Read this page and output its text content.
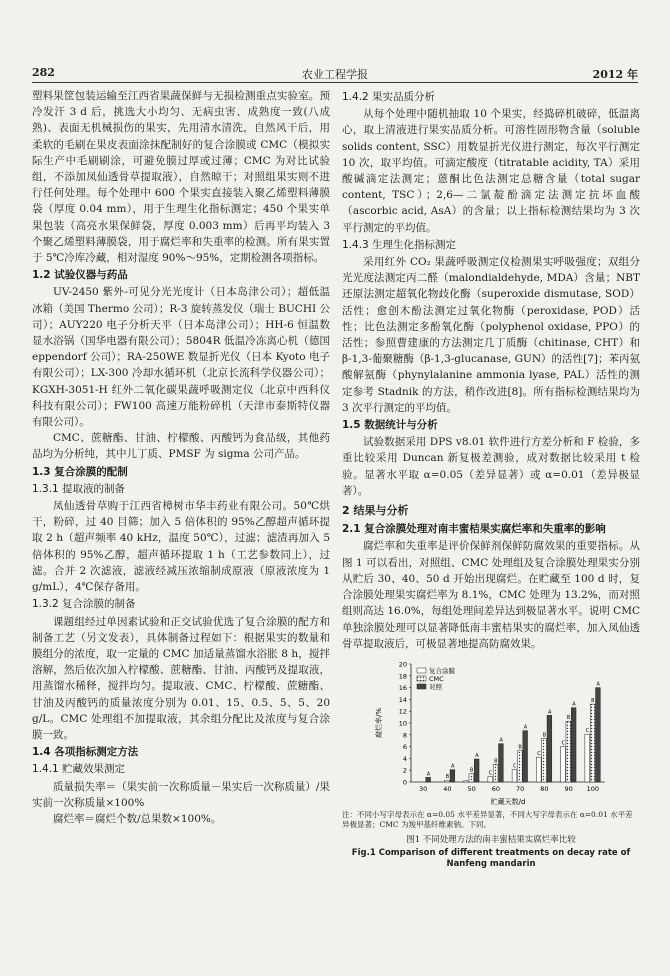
282	农业工程学报	2012 年

塑料果筐包装运输至江西省果蔬保鲜与无损检测重点实验室。预冷发汗 3 d 后，挑选大小均匀、无病虫害、成熟度一致(八成熟)、表面无机械损伤的果实，先用清水清洗，自然风干后，用柔软的毛刷在果皮表面涂抹配制好的复合涂膜或 CMC（模拟实际生产中毛刷刷涂，可避免膜过厚或过薄；CMC 为对比试验组，不添加凤仙透骨草提取液），自然晾干；对照组果实则不进行任何处理。每个处理中 600 个果实直接装入聚乙烯塑料薄膜袋（厚度 0.04 mm），用于生理生化指标测定；450 个果实单果包装（高亮水果保鲜袋，厚度 0.003 mm）后再平均装入 3 个聚乙烯塑料薄膜袋，用于腐烂率和失重率的检测。所有果实置于 5℃冷库冷藏，相对湿度 90%～95%，定期检测各项指标。

1.2 试验仪器与药品

UV-2450 紫外-可见分光光度计（日本岛津公司）；超低温冰箱（美国 Thermo 公司）；R-3 旋转蒸发仪（瑞士 BUCHI 公司）；AUY220 电子分析天平（日本岛津公司）；HH-6 恒温数显水浴锅（国华电器有限公司）；5804R 低温冷冻离心机（德国 eppendorf 公司）；RA-250WE 数显折光仪（日本 Kyoto 电子有限公司）；LX-300 冷却水循环机（北京长流科学仪器公司）；KGXH-3051-H 红外二氧化碳果蔬呼吸测定仪（北京中西科仪科技有限公司）；FW100 高速万能粉碎机（天津市泰斯特仪器有限公司）。

CMC、蔗糖酯、甘油、柠檬酸、丙酸钙为食品级，其他药品均为分析纯，其中儿丁质、PMSF 为 sigma 公司产品。

1.3 复合涂膜的配制
1.3.1 提取液的制备

凤仙透骨草购于江西省樟树市华丰药业有限公司。50℃烘干，粉碎，过 40 目筛；加入 5 倍体积的 95%乙醇超声循环提取 2 h（超声频率 40 kHz，温度 50℃），过滤；滤渣再加入 5 倍体积的 95%乙醇，超声循环提取 1 h（工艺参数同上），过滤。合并 2 次滤液，滤液经减压浓缩制成原液（原液浓度为 1 g/mL），4℃保存备用。

1.3.2 复合涂膜的制备

课题组经过单因素试验和正交试验优选了复合涂膜的配方和制备工艺（另文发表），具体制备过程如下：根据果实的数量和膜组分的浓度，取一定量的 CMC 加适量蒸馏水浴胀 8 h，搅拌溶解，然后依次加入柠檬酸、蔗糖酯、甘油、丙酸钙及提取液，用蒸馏水稀释，搅拌均匀。提取液、CMC、柠檬酸、蔗糖酯、甘油及丙酸钙的质量浓度分别为 0.01、15、0.5、5、5、20 g/L。CMC 处理组不加提取液，其余组分配比及浓度与复合涂膜一致。

1.4 各项指标测定方法
1.4.1 贮藏效果测定

质量损失率＝（果实前一次称质量－果实后一次称质量）/果实前一次称质量×100%

腐烂率＝腐烂个数/总果数×100%。

1.4.2 果实品质分析

从每个处理中随机抽取 10 个果实，经捣碎机破碎，低温离心，取上清液进行果实品质分析。可溶性固形物含量（soluble solids content, SSC）用数显折光仪进行测定，每次平行测定 10 次，取平均值。可滴定酸度（titratable acidity, TA）采用酸碱滴定法测定；蒽酮比色法测定总糖含量（total sugar content, TSC）；2,6—二氯靛酚滴定法测定抗坏血酸（ascorbic acid, AsA）的含量；以上指标检测结果均为 3 次平行测定的平均值。

1.4.3 生理生化指标测定

采用红外 CO₂ 果蔬呼吸测定仪检测果实呼吸强度；双组分光光度法测定丙二醛（malondialdehyde, MDA）含量；NBT 还原法测定超氧化物歧化酶（superoxide dismutase, SOD）活性；愈创木酚法测定过氧化物酶（peroxidase, POD）活性；比色法测定多酚氧化酶（polyphenol oxidase, PPO）的活性；参照曹建康的方法测定几丁质酶（chitinase, CHT）和 β-1,3-葡聚糖酶（β-1,3-glucanase, GUN）的活性[7]；苯丙氨酸解氨酶（phynylalanine ammonia lyase, PAL）活性的测定参考 Stadnik 的方法，稍作改进[8]。所有指标检测结果均为 3 次平行测定的平均值。

1.5 数据统计与分析

试验数据采用 DPS v8.01 软件进行方差分析和 F 检验，多重比较采用 Duncan 新复极差测验，成对数据比较采用 t 检验。显著水平取 α=0.05（差异显著）或 α=0.01（差异极显著）。

2 结果与分析
2.1 复合涂膜处理对南丰蜜桔果实腐烂率和失重率的影响

腐烂率和失重率是评价保鲜剂保鲜防腐效果的重要指标。从图 1 可以看出，对照组、CMC 处理组及复合涂膜处理果实分别从贮后 30、40、50 d 开始出现腐烂。在贮藏至 100 d 时，复合涂膜处理果实腐烂率为 8.1%，CMC 处理为 13.2%，而对照组则高达 16.0%，每组处理间差异达到极显著水平。说明 CMC 单独涂膜处理可以显著降低南丰蜜桔果实的腐烂率，加入凤仙透骨草提取液后，可极显著地提高防腐效果。

0
2
4
6
8
10
12
14
16
18
20
腐烂率/%
30
A
40
B
A
50
B
A
60
C
B
A
70
C
B
A
80
C
B
A
90
C
B
A
100
C
B
A
贮藏天数/d
复合涂膜
CMC
对照
注：不同小写字母表示在 α=0.05 水平差异显著，不同大写字母表示在 α=0.01 水平差异极显著；CMC 为羧甲基纤维素钠。下同。
图1 不同处理方法的南丰蜜桔果实腐烂率比较
Fig.1 Comparison of different treatments on decay rate of Nanfeng mandarin
